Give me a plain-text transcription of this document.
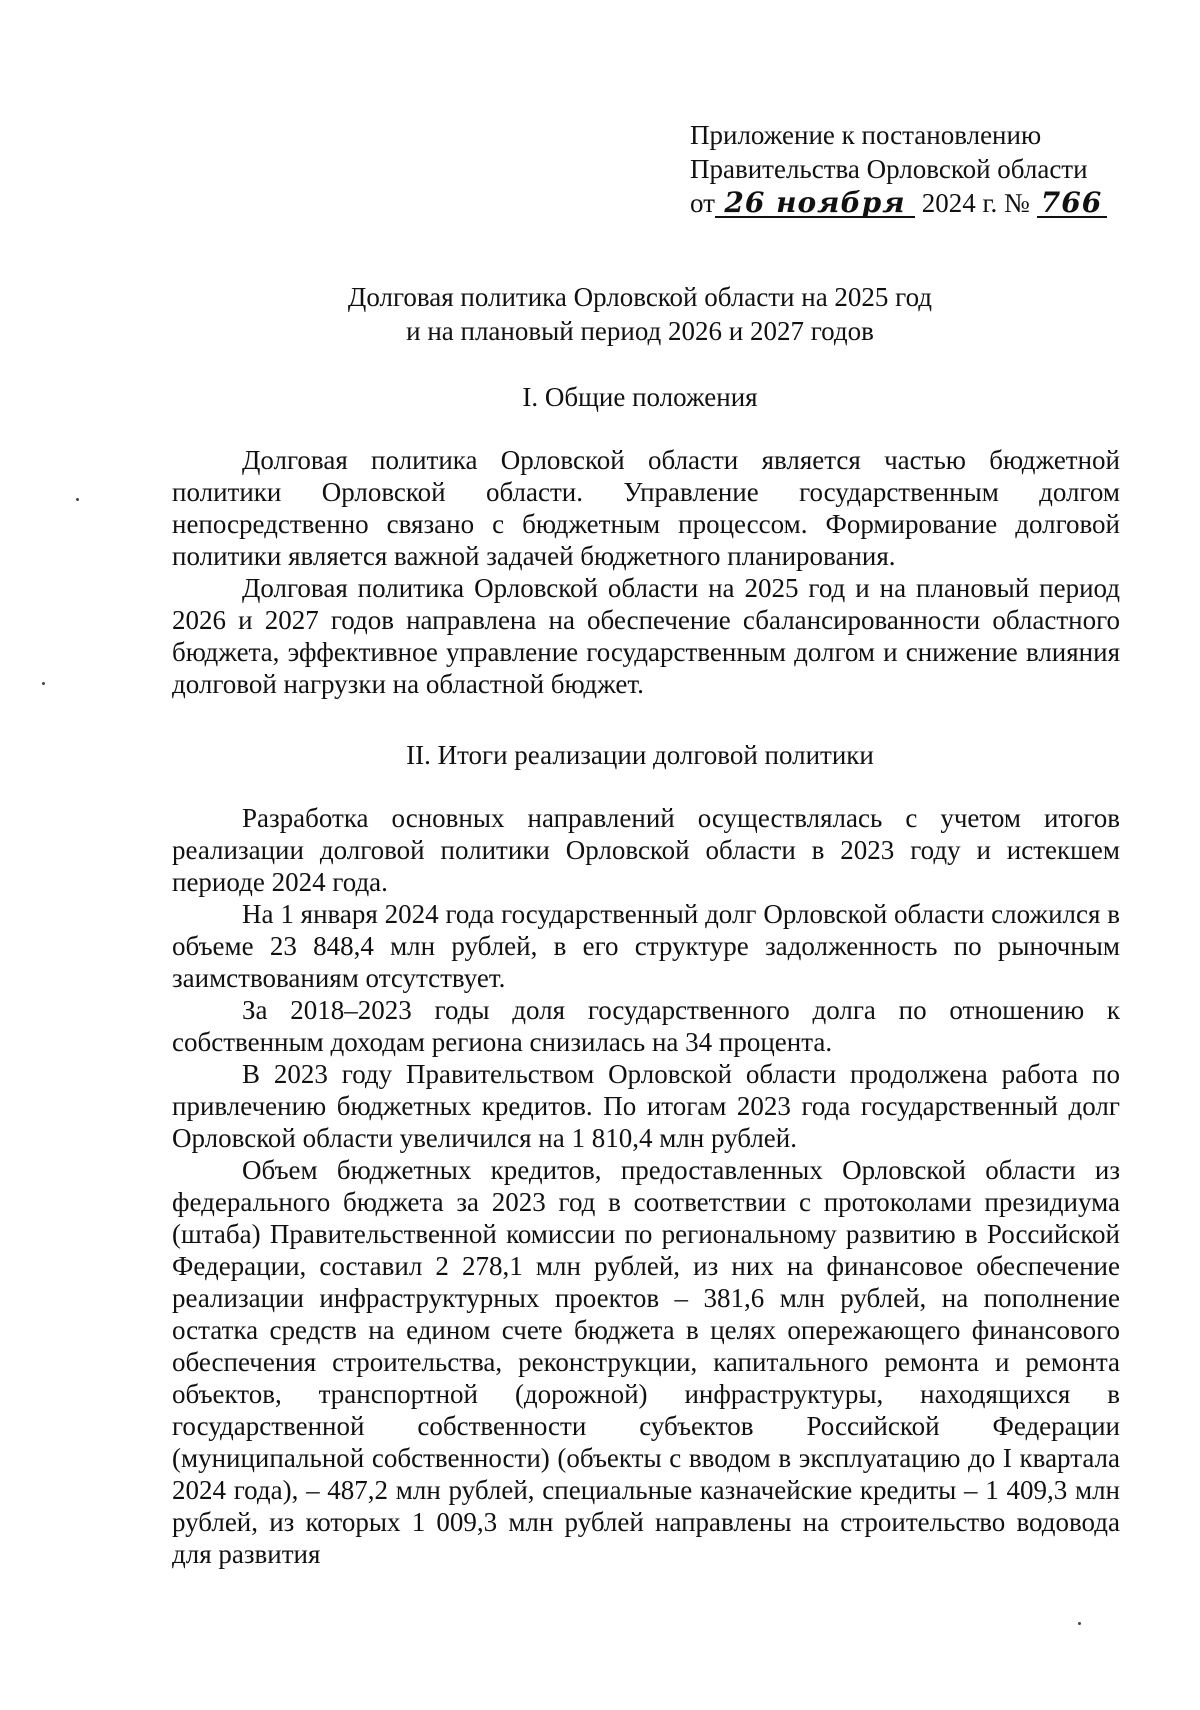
Приложение к постановлению
Правительства Орловской области
от 26 ноября 2024 г. № 766
Долговая политика Орловской области на 2025 год
и на плановый период 2026 и 2027 годов
I. Общие положения

Долговая политика Орловской области является частью бюджетной политики Орловской области. Управление государственным долгом непосредственно связано с бюджетным процессом. Формирование долговой политики является важной задачей бюджетного планирования.

Долговая политика Орловской области на 2025 год и на плановый период 2026 и 2027 годов направлена на обеспечение сбалансированности областного бюджета, эффективное управление государственным долгом и снижение влияния долговой нагрузки на областной бюджет.

II. Итоги реализации долговой политики

Разработка основных направлений осуществлялась с учетом итогов реализации долговой политики Орловской области в 2023 году и истекшем периоде 2024 года.

На 1 января 2024 года государственный долг Орловской области сложился в объеме 23 848,4 млн рублей, в его структуре задолженность по рыночным заимствованиям отсутствует.

За 2018–2023 годы доля государственного долга по отношению к собственным доходам региона снизилась на 34 процента.

В 2023 году Правительством Орловской области продолжена работа по привлечению бюджетных кредитов. По итогам 2023 года государственный долг Орловской области увеличился на 1 810,4 млн рублей.

Объем бюджетных кредитов, предоставленных Орловской области из федерального бюджета за 2023 год в соответствии с протоколами президиума (штаба) Правительственной комиссии по региональному развитию в Российской Федерации, составил 2 278,1 млн рублей, из них на финансовое обеспечение реализации инфраструктурных проектов – 381,6 млн рублей, на пополнение остатка средств на едином счете бюджета в целях опережающего финансового обеспечения строительства, реконструкции, капитального ремонта и ремонта объектов, транспортной (дорожной) инфраструктуры, находящихся в государственной собственности субъектов Российской Федерации (муниципальной собственности) (объекты с вводом в эксплуатацию до I квартала 2024 года), – 487,2 млн рублей, специальные казначейские кредиты – 1 409,3 млн рублей, из которых 1 009,3 млн рублей направлены на строительство водовода для развития
